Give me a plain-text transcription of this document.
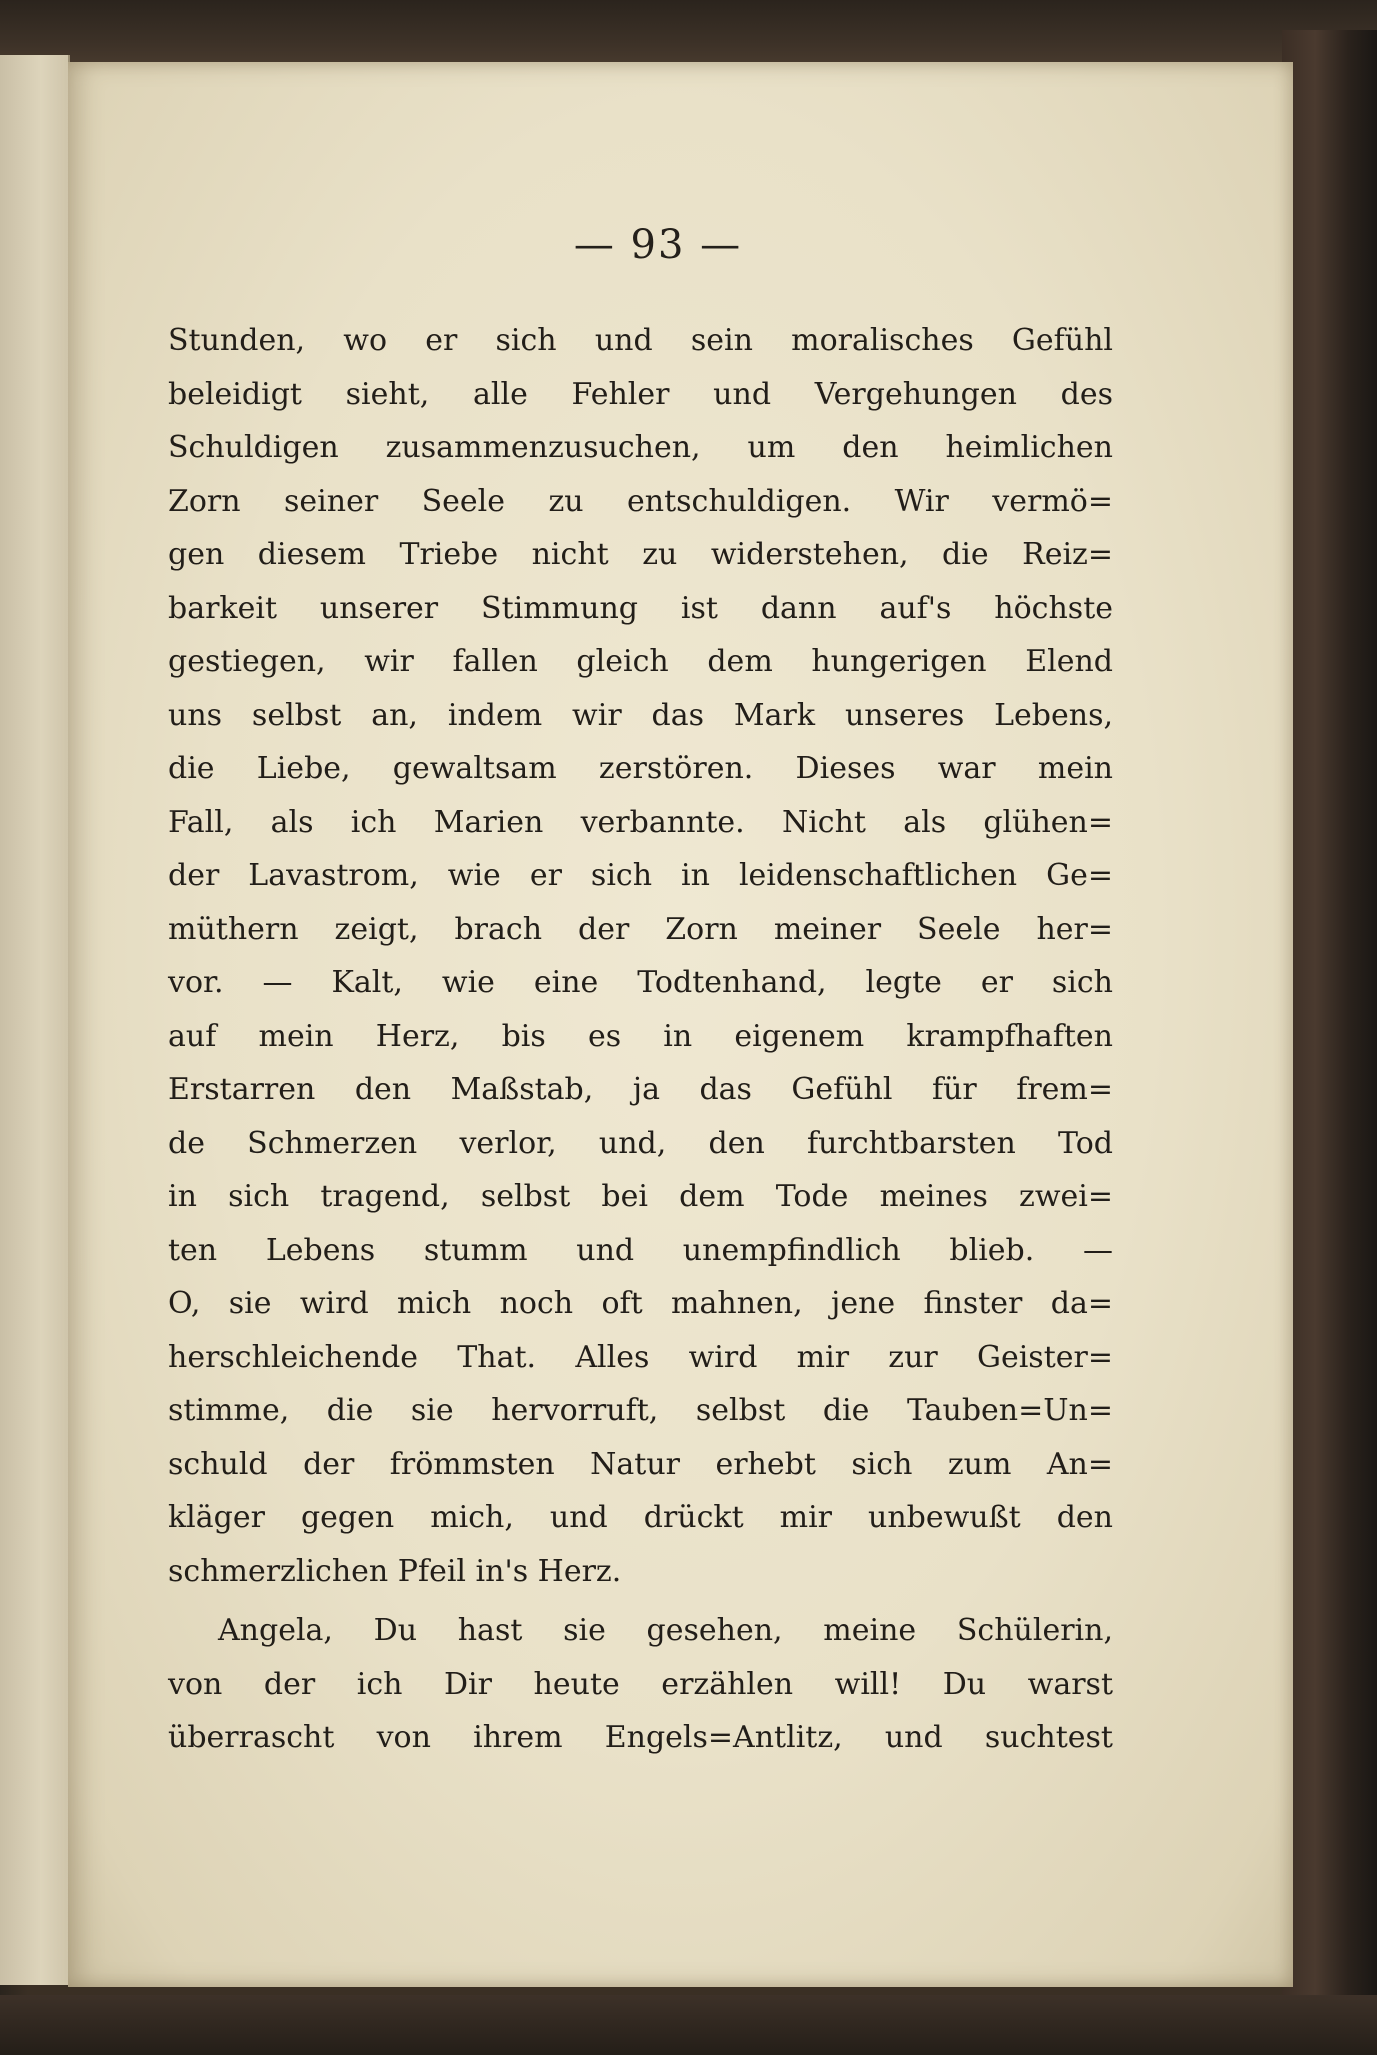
— 93 —
Stunden, wo er sich und sein moralisches Gefühl
beleidigt sieht, alle Fehler und Vergehungen des
Schuldigen zusammenzusuchen, um den heimlichen
Zorn seiner Seele zu entschuldigen. Wir vermö=
gen diesem Triebe nicht zu widerstehen, die Reiz=
barkeit unserer Stimmung ist dann auf's höchste
gestiegen, wir fallen gleich dem hungerigen Elend
uns selbst an, indem wir das Mark unseres Lebens,
die Liebe, gewaltsam zerstören. Dieses war mein
Fall, als ich Marien verbannte. Nicht als glühen=
der Lavastrom, wie er sich in leidenschaftlichen Ge=
müthern zeigt, brach der Zorn meiner Seele her=
vor. — Kalt, wie eine Todtenhand, legte er sich
auf mein Herz, bis es in eigenem krampfhaften
Erstarren den Maßstab, ja das Gefühl für frem=
de Schmerzen verlor, und, den furchtbarsten Tod
in sich tragend, selbst bei dem Tode meines zwei=
ten Lebens stumm und unempfindlich blieb. —
O, sie wird mich noch oft mahnen, jene finster da=
herschleichende That. Alles wird mir zur Geister=
stimme, die sie hervorruft, selbst die Tauben=Un=
schuld der frömmsten Natur erhebt sich zum An=
kläger gegen mich, und drückt mir unbewußt den
schmerzlichen Pfeil in's Herz.
Angela, Du hast sie gesehen, meine Schülerin,
von der ich Dir heute erzählen will! Du warst
überrascht von ihrem Engels=Antlitz, und suchtest
